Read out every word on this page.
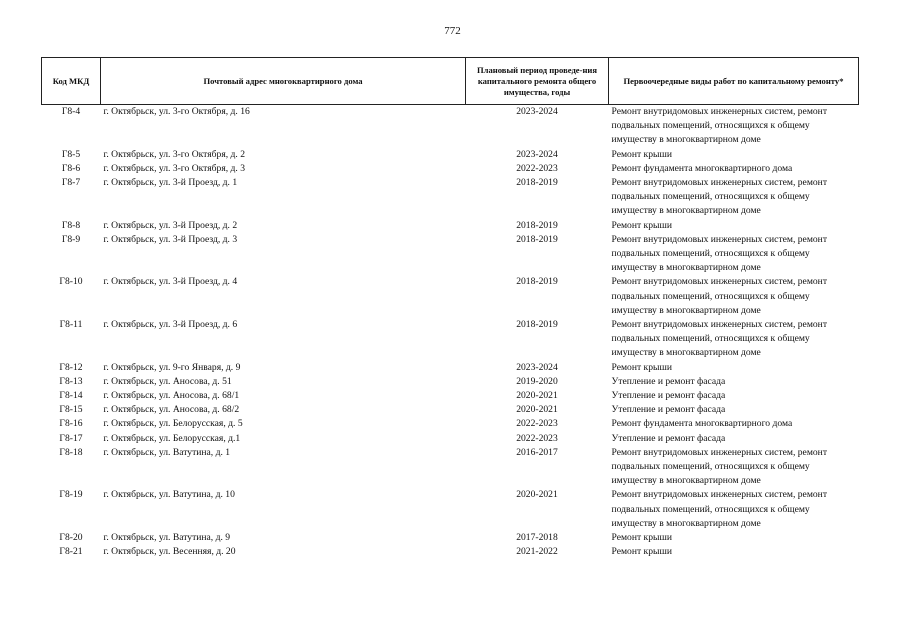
772
Код МКД	Почтовый адрес многоквартирного дома	Плановый период проведе-ния капитального ремонта общего имущества, годы	Первоочередные виды работ по капитальному ремонту*
Г8-4	г. Октябрьск, ул. 3-го Октября, д. 16	2023-2024	Ремонт внутридомовых инженерных систем, ремонт подвальных помещений, относящихся к общему имуществу в многоквартирном доме
Г8-5	г. Октябрьск, ул. 3-го Октября, д. 2	2023-2024	Ремонт крыши
Г8-6	г. Октябрьск, ул. 3-го Октября, д. 3	2022-2023	Ремонт фундамента многоквартирного дома
Г8-7	г. Октябрьск, ул. 3-й Проезд, д. 1	2018-2019	Ремонт внутридомовых инженерных систем, ремонт подвальных помещений, относящихся к общему имуществу в многоквартирном доме
Г8-8	г. Октябрьск, ул. 3-й Проезд, д. 2	2018-2019	Ремонт крыши
Г8-9	г. Октябрьск, ул. 3-й Проезд, д. 3	2018-2019	Ремонт внутридомовых инженерных систем, ремонт подвальных помещений, относящихся к общему имуществу в многоквартирном доме
Г8-10	г. Октябрьск, ул. 3-й Проезд, д. 4	2018-2019	Ремонт внутридомовых инженерных систем, ремонт подвальных помещений, относящихся к общему имуществу в многоквартирном доме
Г8-11	г. Октябрьск, ул. 3-й Проезд, д. 6	2018-2019	Ремонт внутридомовых инженерных систем, ремонт подвальных помещений, относящихся к общему имуществу в многоквартирном доме
Г8-12	г. Октябрьск, ул. 9-го Января, д. 9	2023-2024	Ремонт крыши
Г8-13	г. Октябрьск, ул. Аносова, д. 51	2019-2020	Утепление и ремонт фасада
Г8-14	г. Октябрьск, ул. Аносова, д. 68/1	2020-2021	Утепление и ремонт фасада
Г8-15	г. Октябрьск, ул. Аносова, д. 68/2	2020-2021	Утепление и ремонт фасада
Г8-16	г. Октябрьск, ул. Белорусская, д. 5	2022-2023	Ремонт фундамента многоквартирного дома
Г8-17	г. Октябрьск, ул. Белорусская, д.1	2022-2023	Утепление и ремонт фасада
Г8-18	г. Октябрьск, ул. Ватутина, д. 1	2016-2017	Ремонт внутридомовых инженерных систем, ремонт подвальных помещений, относящихся к общему имуществу в многоквартирном доме
Г8-19	г. Октябрьск, ул. Ватутина, д. 10	2020-2021	Ремонт внутридомовых инженерных систем, ремонт подвальных помещений, относящихся к общему имуществу в многоквартирном доме
Г8-20	г. Октябрьск, ул. Ватутина, д. 9	2017-2018	Ремонт крыши
Г8-21	г. Октябрьск, ул. Весенняя, д. 20	2021-2022	Ремонт крыши
